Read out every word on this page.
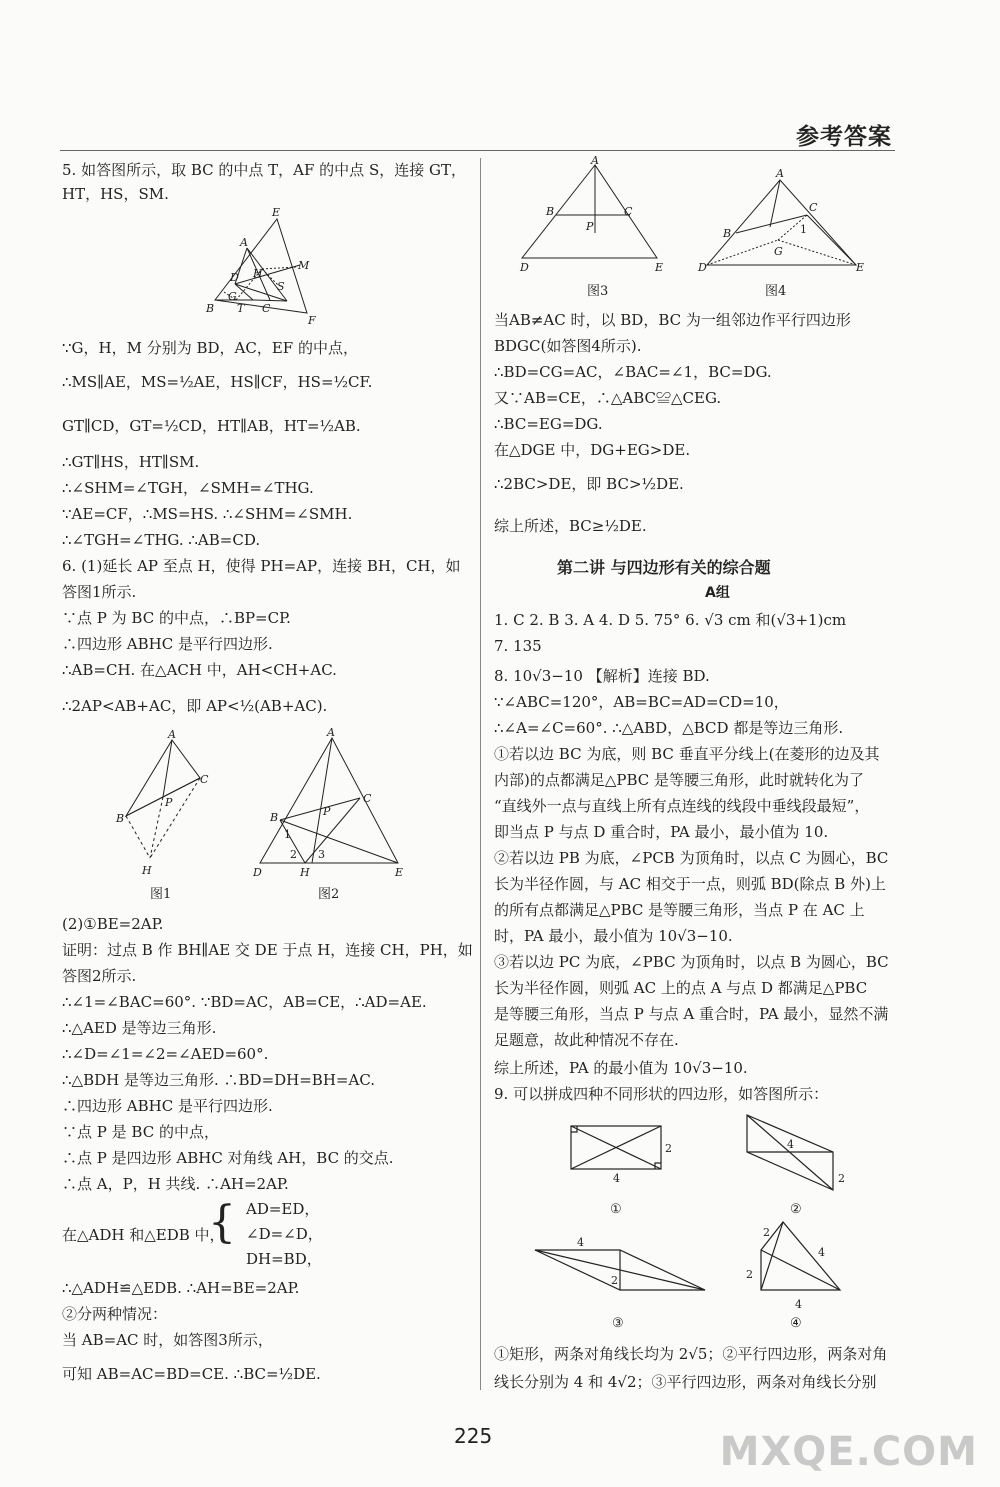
参考答案
5. 如答图所示，取 BC 的中点 T，AF 的中点 S，连接 GT，
HT，HS，SM.
E
A
D H
M
S
G
B T C
F
∵G，H，M 分别为 BD，AC，EF 的中点，
∴MS∥AE，MS=½AE，HS∥CF，HS=½CF.
GT∥CD，GT=½CD，HT∥AB，HT=½AB.
∴GT∥HS，HT∥SM.
∴∠SHM=∠TGH，∠SMH=∠THG.
∵AE=CF，∴MS=HS. ∴∠SHM=∠SMH.
∴∠TGH=∠THG. ∴AB=CD.
6. (1)延长 AP 至点 H，使得 PH=AP，连接 BH，CH，如
答图1所示.
∵点 P 为 BC 的中点，∴BP=CP.
∴四边形 ABHC 是平行四边形.
∴AB=CH. 在△ACH 中，AH<CH+AC.
∴2AP<AB+AC，即 AP<½(AB+AC).
A
C
B
P
H
A
C
B	P
1
2 3
D	H	E
图1	图2
(2)①BE=2AP.
证明：过点 B 作 BH∥AE 交 DE 于点 H，连接 CH，PH，如
答图2所示.
∴∠1=∠BAC=60°. ∵BD=AC，AB=CE，∴AD=AE.
∴△AED 是等边三角形.
∴∠D=∠1=∠2=∠AED=60°.
∴△BDH 是等边三角形. ∴BD=DH=BH=AC.
∴四边形 ABHC 是平行四边形.
∵点 P 是 BC 的中点，
∴点 P 是四边形 ABHC 对角线 AH，BC 的交点.
∴点 A，P，H 共线. ∴AH=2AP.
在△ADH 和△EDB 中，
{ AD=ED，
∠D=∠D，
DH=BD，
∴△ADH≌△EDB. ∴AH=BE=2AP.
②分两种情况：
当 AB=AC 时，如答图3所示，
可知 AB=AC=BD=CE. ∴BC=½DE.
A
B	C
P
D	E
A
C
B	1
G
D	E
图3	图4
当AB≠AC 时，以 BD，BC 为一组邻边作平行四边形
BDGC(如答图4所示).
∴BD=CG=AC，∠BAC=∠1，BC=DG.
又∵AB=CE，∴△ABC≌△CEG.
∴BC=EG=DG.
在△DGE 中，DG+EG>DE.
∴2BC>DE，即 BC>½DE.
综上所述，BC≥½DE.
第二讲 与四边形有关的综合题
A组
1. C 2. B 3. A 4. D 5. 75° 6. √3 cm 和(√3+1)cm
7. 135
8. 10√3−10 【解析】连接 BD.
∵∠ABC=120°，AB=BC=AD=CD=10，
∴∠A=∠C=60°. ∴△ABD，△BCD 都是等边三角形.
①若以边 BC 为底，则 BC 垂直平分线上(在菱形的边及其
内部)的点都满足△PBC 是等腰三角形，此时就转化为了
“直线外一点与直线上所有点连线的线段中垂线段最短”，
即当点 P 与点 D 重合时，PA 最小，最小值为 10.
②若以边 PB 为底，∠PCB 为顶角时，以点 C 为圆心，BC
长为半径作圆，与 AC 相交于一点，则弧 BD(除点 B 外)上
的所有点都满足△PBC 是等腰三角形，当点 P 在 AC 上
时，PA 最小，最小值为 10√3−10.
③若以边 PC 为底，∠PBC 为顶角时，以点 B 为圆心，BC
长为半径作圆，则弧 AC 上的点 A 与点 D 都满足△PBC
是等腰三角形，当点 P 与点 A 重合时，PA 最小，显然不满
足题意，故此种情况不存在.
综上所述，PA 的最小值为 10√3−10.
9. 可以拼成四种不同形状的四边形，如答图所示：
2
4
4
2
4
2
2
4
2
4
①	②
③	④
①矩形，两条对角线长均为 2√5；②平行四边形，两条对角
线长分别为 4 和 4√2；③平行四边形，两条对角线长分别
225	MXQE.COM
